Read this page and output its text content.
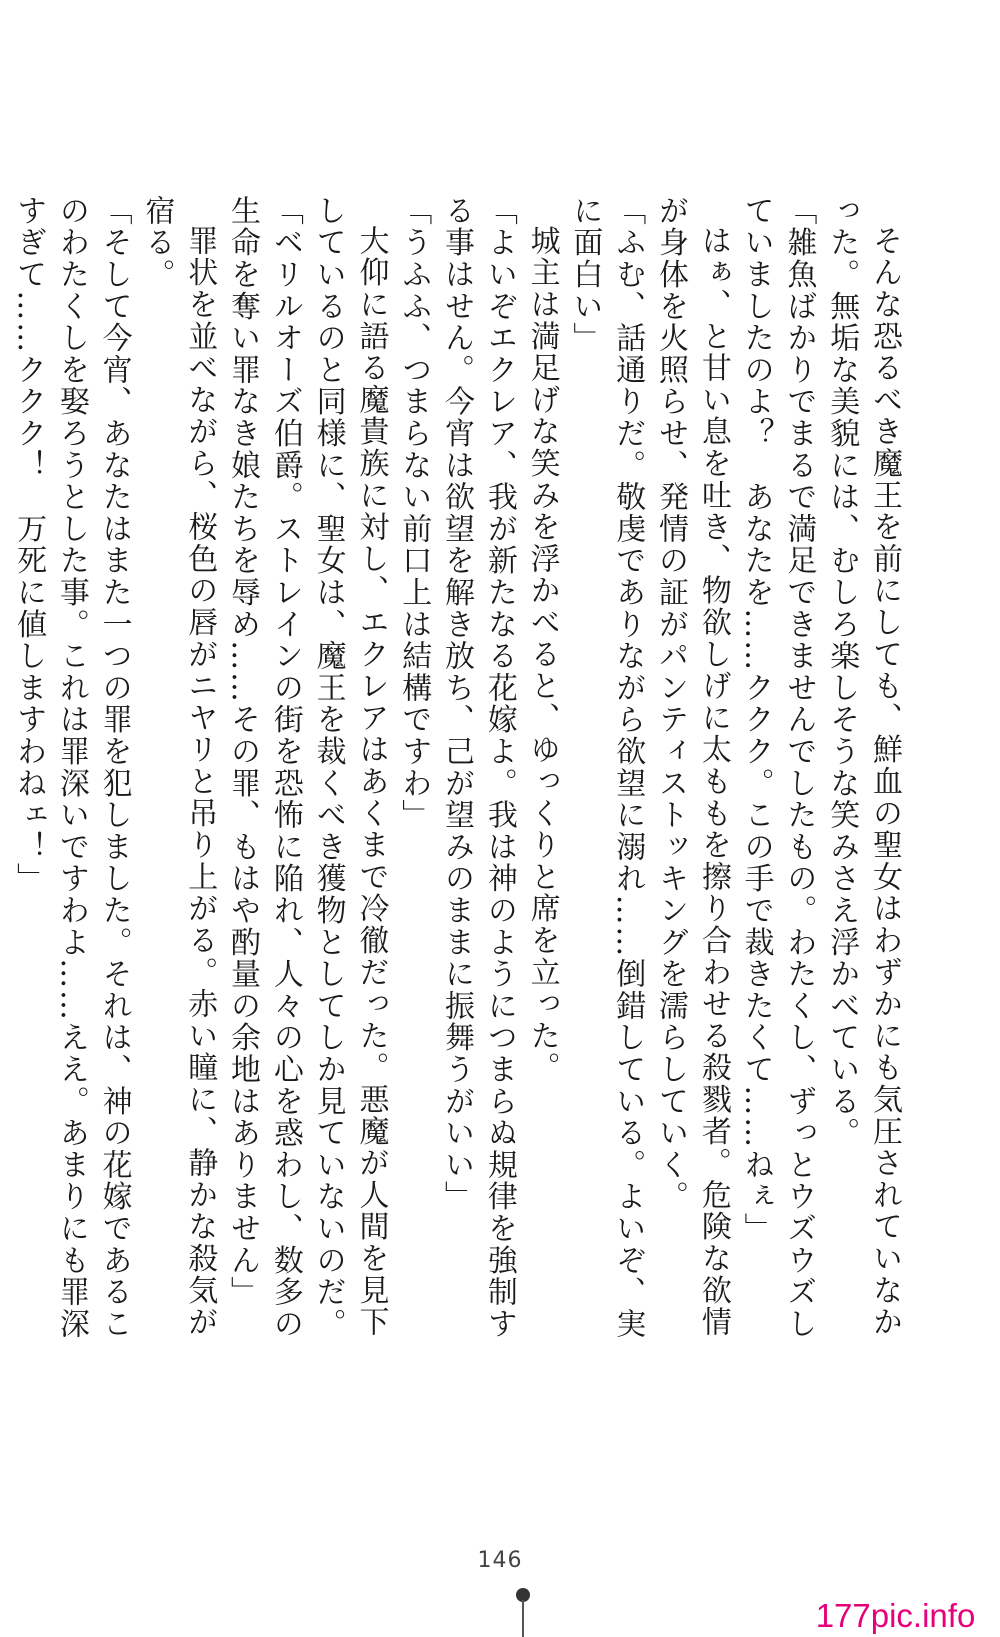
そんな恐るべき魔王を前にしても、鮮血の聖女はわずかにも気圧されていなかった。無垢な美貌には、むしろ楽しそうな笑みさえ浮かべている。

「雑魚ばかりでまるで満足できませんでしたもの。わたくし、ずっとウズウズしていましたのよ？　あなたを……ククク。この手で裁きたくて……ねぇ」

はぁ、と甘い息を吐き、物欲しげに太ももを擦り合わせる殺戮者。危険な欲情が身体を火照らせ、発情の証がパンティストッキングを濡らしていく。

「ふむ、話通りだ。敬虔でありながら欲望に溺れ……倒錯している。よいぞ、実に面白い」

城主は満足げな笑みを浮かべると、ゆっくりと席を立った。

「よいぞエクレア、我が新たなる花嫁よ。我は神のようにつまらぬ規律を強制する事はせん。今宵は欲望を解き放ち、己が望みのままに振舞うがいい」

「うふふ、つまらない前口上は結構ですわ」

大仰に語る魔貴族に対し、エクレアはあくまで冷徹だった。悪魔が人間を見下しているのと同様に、聖女は、魔王を裁くべき獲物としてしか見ていないのだ。

「ベリルオーズ伯爵。ストレインの街を恐怖に陥れ、人々の心を惑わし、数多の生命を奪い罪なき娘たちを辱め……その罪、もはや酌量の余地はありません」

罪状を並べながら、桜色の唇がニヤリと吊り上がる。赤い瞳に、静かな殺気が宿る。

「そして今宵、あなたはまた一つの罪を犯しました。それは、神の花嫁であるこのわたくしを娶ろうとした事。これは罪深いですわよ……ええ。あまりにも罪深すぎて……ククク！　万死に値しますわねェ！」

146
177pic.info
